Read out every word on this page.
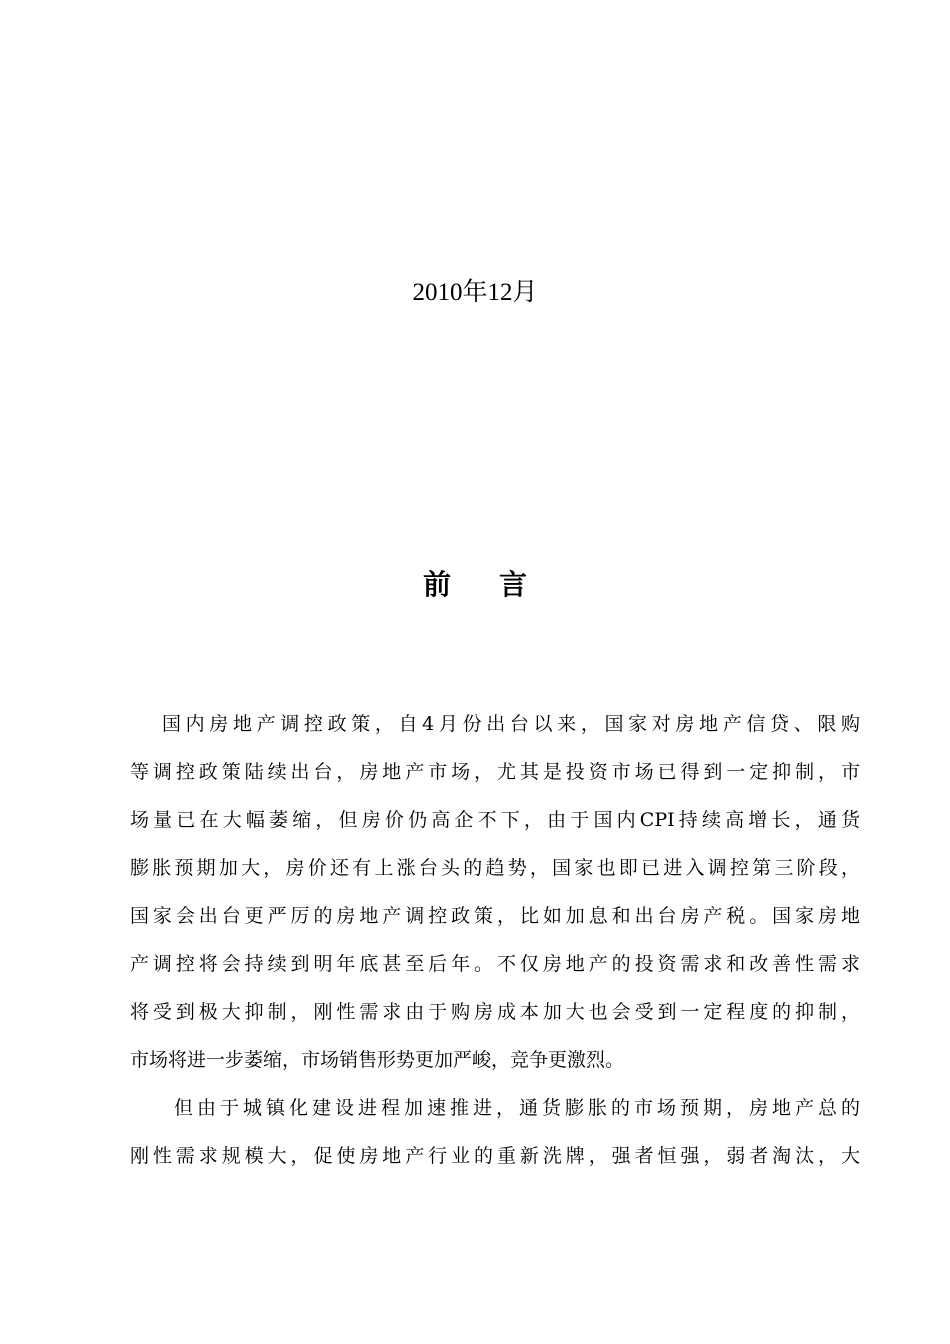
2010年12月
前言
国内房地产调控政策，自4月份出台以来，国家对房地产信贷、限购
等调控政策陆续出台，房地产市场，尤其是投资市场已得到一定抑制，市
场量已在大幅萎缩，但房价仍高企不下，由于国内CPI持续高增长，通货
膨胀预期加大，房价还有上涨台头的趋势，国家也即已进入调控第三阶段，
国家会出台更严厉的房地产调控政策，比如加息和出台房产税。国家房地
产调控将会持续到明年底甚至后年。不仅房地产的投资需求和改善性需求
将受到极大抑制，刚性需求由于购房成本加大也会受到一定程度的抑制，
市场将进一步萎缩，市场销售形势更加严峻，竞争更激烈。
但由于城镇化建设进程加速推进，通货膨胀的市场预期，房地产总的
刚性需求规模大，促使房地产行业的重新洗牌，强者恒强，弱者淘汰，大
